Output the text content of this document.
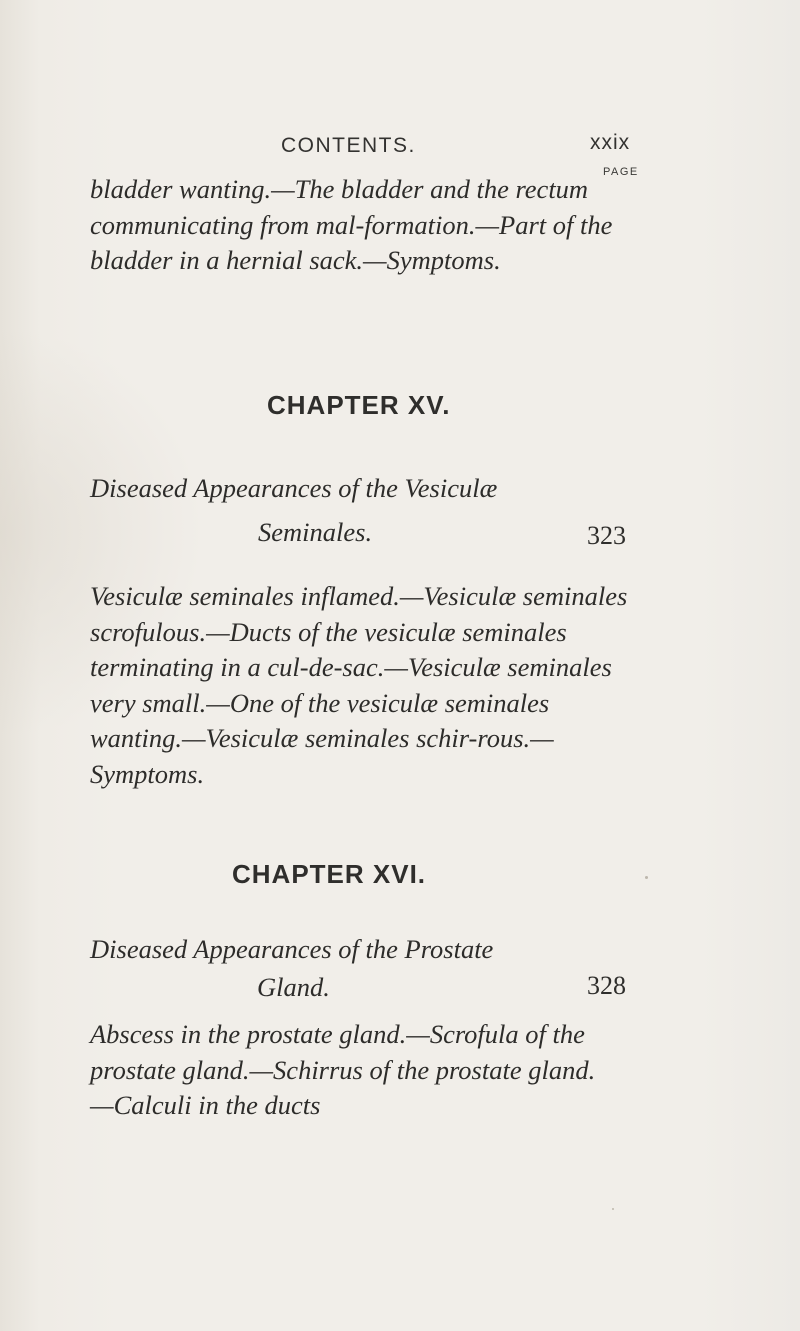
CONTENTS.	xxix
PAGE

bladder wanting.—The bladder and the rectum communicating from mal-formation.—Part of the bladder in a hernial sack.—Symptoms.

CHAPTER XV.
Diseased Appearances of the Vesiculæ
Seminales.	323

Vesiculæ seminales inflamed.—Vesiculæ seminales scrofulous.—Ducts of the vesiculæ seminales terminating in a cul-de-sac.—Vesiculæ seminales very small.—One of the vesiculæ seminales wanting.—Vesiculæ seminales schir-rous.—Symptoms.

CHAPTER XVI.
Diseased Appearances of the Prostate
Gland.	328

Abscess in the prostate gland.—Scrofula of the prostate gland.—Schirrus of the prostate gland.—Calculi in the ducts
